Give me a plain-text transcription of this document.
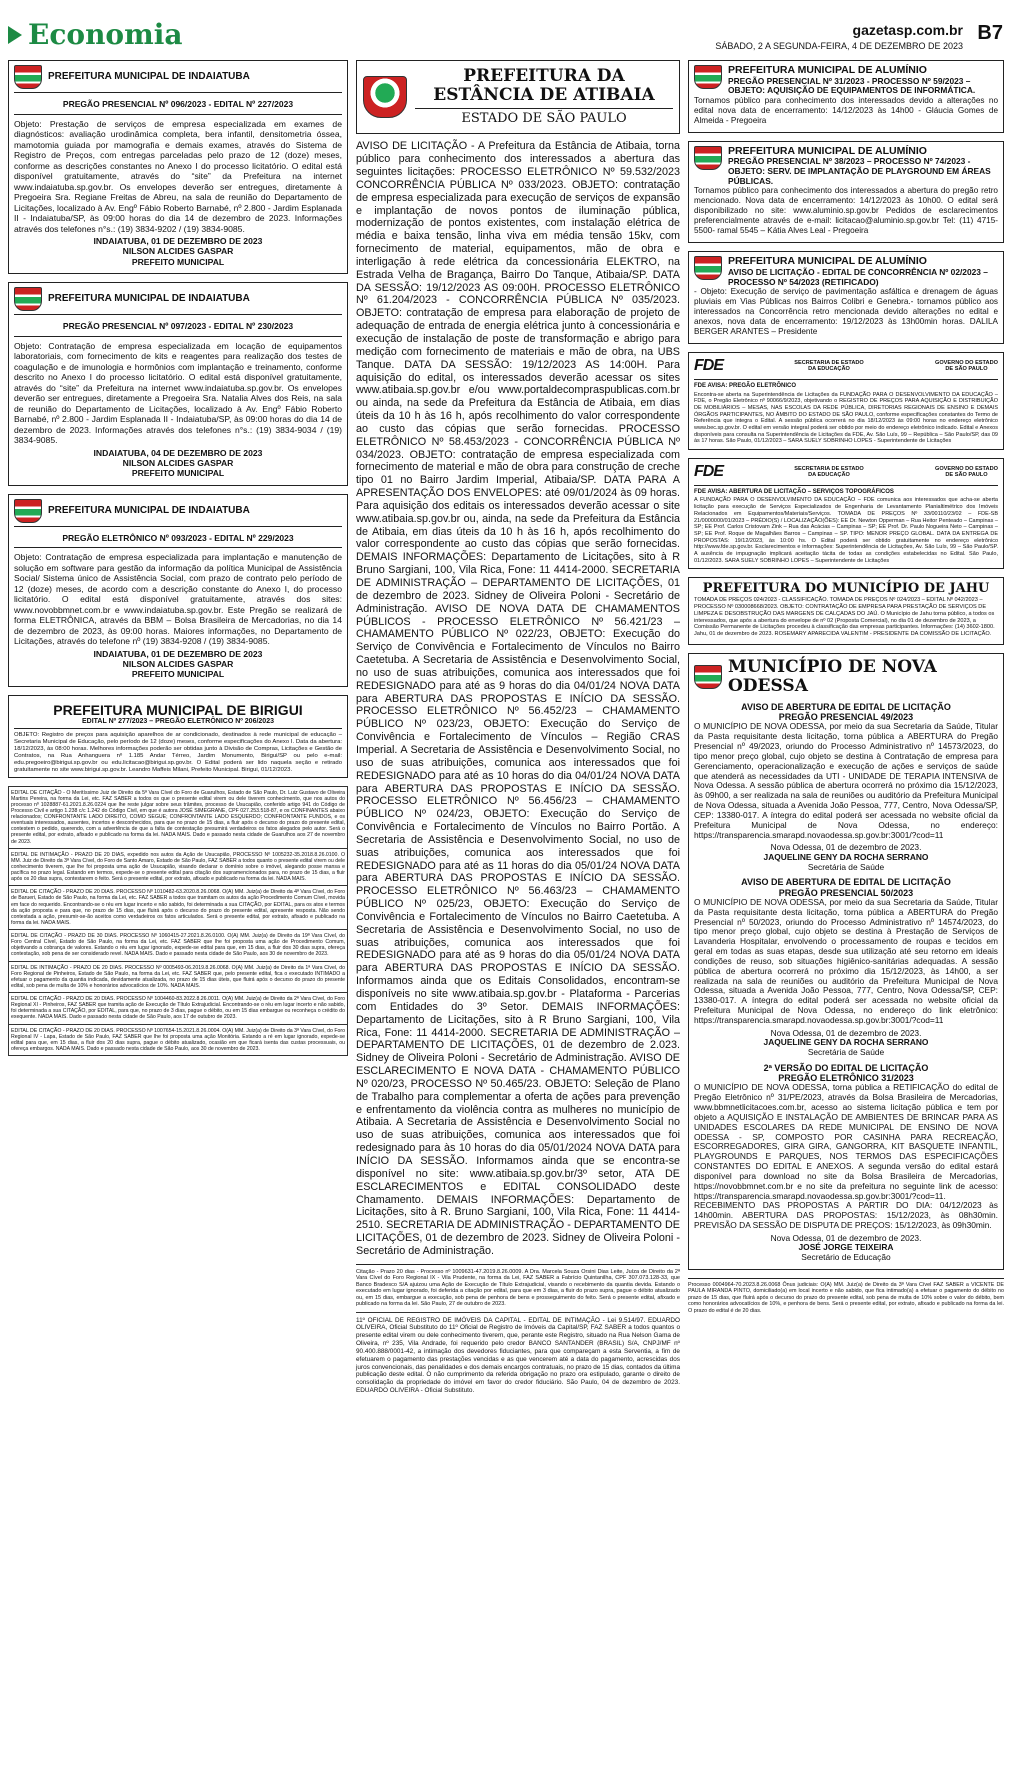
Economia	gazetasp.com.br
SÁBADO, 2 A SEGUNDA-FEIRA, 4 DE DEZEMBRO DE 2023
B7
PREFEITURA MUNICIPAL DE INDAIATUBA
PREGÃO PRESENCIAL Nº 096/2023 - EDITAL Nº 227/2023

Objeto: Prestação de serviços de empresa especializada em exames de diagnósticos: avaliação urodinâmica completa, bera infantil, densitometria óssea, mamotomia guiada por mamografia e demais exames, através do Sistema de Registro de Preços, com entregas parceladas pelo prazo de 12 (doze) meses, conforme as descrições constantes no Anexo I do processo licitatório. O edital está disponível gratuitamente, através do “site” da Prefeitura na internet www.indaiatuba.sp.gov.br. Os envelopes deverão ser entregues, diretamente à Pregoeira Sra. Regiane Freitas de Abreu, na sala de reunião do Departamento de Licitações, localizado à Av. Engº Fábio Roberto Barnabé, nº 2.800 - Jardim Esplanada II - Indaiatuba/SP, às 09:00 horas do dia 14 de dezembro de 2023. Informações através dos telefones n°s.: (19) 3834-9202 / (19) 3834-9085.

INDAIATUBA, 01 DE DEZEMBRO DE 2023
NILSON ALCIDES GASPAR
PREFEITO MUNICIPAL
PREFEITURA MUNICIPAL DE INDAIATUBA
PREGÃO PRESENCIAL Nº 097/2023 - EDITAL Nº 230/2023

Objeto: Contratação de empresa especializada em locação de equipamentos laboratoriais, com fornecimento de kits e reagentes para realização dos testes de coagulação e de imunologia e hormônios com implantação e treinamento, conforme descrito no Anexo I do processo licitatório. O edital está disponível gratuitamente, através do “site” da Prefeitura na internet www.indaiatuba.sp.gov.br. Os envelopes deverão ser entregues, diretamente a Pregoeira Sra. Natalia Alves dos Reis, na sala de reunião do Departamento de Licitações, localizado à Av. Engº Fábio Roberto Barnabé, nº 2.800 - Jardim Esplanada II - Indaiatuba/SP, às 09:00 horas do dia 14 de dezembro de 2023. Informações através dos telefones n°s.: (19) 3834-9034 / (19) 3834-9085.

INDAIATUBA, 04 DE DEZEMBRO DE 2023
NILSON ALCIDES GASPAR
PREFEITO MUNICIPAL
PREFEITURA MUNICIPAL DE INDAIATUBA
PREGÃO ELETRÔNICO Nº 093/2023 - EDITAL Nº 229/2023

Objeto: Contratação de empresa especializada para implantação e manutenção de solução em software para gestão da informação da política Municipal de Assistência Social/ Sistema único de Assistência Social, com prazo de contrato pelo período de 12 (doze) meses, de acordo com a descrição constante do Anexo I, do processo licitatório. O edital está disponível gratuitamente, através dos sites: www.novobbmnet.com.br e www.indaiatuba.sp.gov.br. Este Pregão se realizará de forma ELETRÔNICA, através da BBM – Bolsa Brasileira de Mercadorias, no dia 14 de dezembro de 2023, às 09:00 horas. Maiores informações, no Departamento de Licitações, através do telefone nº (19) 3834-9208 / (19) 3834-9085.

INDAIATUBA, 01 DE DEZEMBRO DE 2023
NILSON ALCIDES GASPAR
PREFEITO MUNICIPAL
PREFEITURA MUNICIPAL DE BIRIGUI
EDITAL Nº 277/2023 – PREGÃO ELETRÔNICO Nº 206/2023

OBJETO: Registro de preços para aquisição aparelhos de ar condicionado, destinados à rede municipal de educação – Secretaria Municipal de Educação, pelo período de 12 (doze) meses, conforme especificações do Anexo I. Data da abertura: 18/12/2023, às 08:00 horas. Melhores informações poderão ser obtidas junto à Divisão de Compras, Licitações e Gestão de Contratos, na Rua Anhanguera nº 1.185 Andar Térreo, Jardim Monumento, Birigui/SP ou pelo e-mail: edu.pregoeiro@birigui.sp.gov.br ou edu.licitacao@birigui.sp.gov.br. O Edital poderá ser lido naquela seção e retirado gratuitamente no site www.birigui.sp.gov.br. Leandro Maffeis Milani, Prefeito Municipal. Birigui, 01/12/2023.

EDITAL DE CITAÇÃO - O Meritíssimo Juiz de Direito da 5ª Vara Cível do Foro de Guarulhos, Estado de São Paulo, Dr. Luiz Gustavo de Oliveira Martins Pereira, na forma da Lei, etc. FAZ SABER a todos os que o presente edital virem ou dele tiverem conhecimento, que nos autos do processo nº 1028887-61.2021.8.26.0224 que lhe reste julgar sobre seus trâmites, processo de Usucapião, conferido artigo 941 do Código de Processo Civil e artigo 1.238 c/c 1.242 do Código Civil, em que é autora JOSÉ SIMEGRANE, CPF 027.253.518-87, e os CONFINANTES abaixo relacionados; CONFRONTANTE LADO DIREITO, COMO SEGUE; CONFRONTANTE LADO ESQUERDO; CONFRONTANTE FUNDOS, e os eventuais interessados, ausentes, incertos e desconhecidos, para que no prazo de 15 dias, a fluir após o decurso do prazo do presente edital, contestem o pedido, querendo, com a advertência de que a falta de contestação presumirá verdadeiros os fatos alegados pelo autor. Será o presente edital, por extrato, afixado e publicado na forma da lei. NADA MAIS. Dado e passado nesta cidade de Guarulhos aos 27 de novembro de 2023.

EDITAL DE INTIMAÇÃO - PRAZO DE 20 DIAS, expedido nos autos da Ação de Usucapião, PROCESSO Nº 1005232-35.2018.8.26.0100. O MM. Juiz de Direito da 3ª Vara Cível, do Foro de Santo Amaro, Estado de São Paulo, FAZ SABER a todos quanto o presente edital virem ou dele conhecimento tiverem, que lhe foi proposta uma ação de Usucapião, visando declarar o domínio sobre o imóvel, alegando posse mansa e pacífica no prazo legal. Estando em termos, expede-se o presente edital para citação dos supramencionados para, no prazo de 15 dias, a fluir após os 20 dias supra, contestarem o feito. Será o presente edital, por extrato, afixado e publicado na forma da lei. NADA MAIS.

EDITAL DE CITAÇÃO - PRAZO DE 20 DIAS. PROCESSO Nº 1010482-63.2020.8.26.0068. O(A) MM. Juiz(a) de Direito da 4ª Vara Cível, do Foro de Barueri, Estado de São Paulo, na forma da Lei, etc. FAZ SABER a todos que tramitam os autos da ação Procedimento Comum Cível, movida em face do requerido. Encontrando-se o réu em lugar incerto e não sabido, foi determinada a sua CITAÇÃO, por EDITAL, para os atos e termos da ação proposta e para que, no prazo de 15 dias, que fluirá após o decurso do prazo do presente edital, apresente resposta. Não sendo contestada a ação, presumir-se-ão aceitos como verdadeiros os fatos articulados. Será o presente edital, por extrato, afixado e publicado na forma da lei. NADA MAIS.

EDITAL DE CITAÇÃO - PRAZO DE 30 DIAS. PROCESSO Nº 1060415-27.2021.8.26.0100. O(A) MM. Juiz(a) de Direito da 19ª Vara Cível, do Foro Central Cível, Estado de São Paulo, na forma da Lei, etc. FAZ SABER que lhe foi proposta uma ação de Procedimento Comum, objetivando a cobrança de valores. Estando o réu em lugar ignorado, expede-se edital para que, em 15 dias, a fluir dos 30 dias supra, ofereça contestação, sob pena de ser considerado revel. NADA MAIS. Dado e passado nesta cidade de São Paulo, aos 30 de novembro de 2023.

EDITAL DE INTIMAÇÃO - PRAZO DE 20 DIAS. PROCESSO Nº 0005493-06.2019.8.26.0068. O(A) MM. Juiz(a) de Direito da 1ª Vara Cível, do Foro Regional de Pinheiros, Estado de São Paulo, na forma da Lei, etc. FAZ SABER que, pelo presente edital, fica o executado INTIMADO a efetuar o pagamento da quantia indicada, devidamente atualizada, no prazo de 15 dias úteis, que fluirá após o decurso do prazo do presente edital, sob pena de multa de 10% e honorários advocatícios de 10%. NADA MAIS.

EDITAL DE CITAÇÃO - PRAZO DE 20 DIAS. PROCESSO Nº 1004460-83.2022.8.26.0011. O(A) MM. Juiz(a) de Direito da 2ª Vara Cível, do Foro Regional XI - Pinheiros, FAZ SABER que tramita ação de Execução de Título Extrajudicial. Encontrando-se o réu em lugar incerto e não sabido, foi determinada a sua CITAÇÃO, por EDITAL, para que, no prazo de 3 dias, pague o débito, ou em 15 dias embargue ou reconheça o crédito do exequente. NADA MAIS. Dado e passado nesta cidade de São Paulo, aos 17 de outubro de 2023.

EDITAL DE CITAÇÃO - PRAZO DE 20 DIAS. PROCESSO Nº 1007654-15.2021.8.26.0004. O(A) MM. Juiz(a) de Direito da 3ª Vara Cível, do Foro Regional IV - Lapa, Estado de São Paulo, FAZ SABER que lhe foi proposta uma ação Monitória. Estando a ré em lugar ignorado, expede-se edital para que, em 15 dias, a fluir dos 20 dias supra, pague o débito atualizado, ocasião em que ficará isenta das custas processuais, ou ofereça embargos. NADA MAIS. Dado e passado nesta cidade de São Paulo, aos 30 de novembro de 2023.

PREFEITURA DA ESTÂNCIA DE ATIBAIA
ESTADO DE SÃO PAULO

AVISO DE LICITAÇÃO - A Prefeitura da Estância de Atibaia, torna público para conhecimento dos interessados a abertura das seguintes licitações: PROCESSO ELETRÔNICO Nº 59.532/2023 CONCORRÊNCIA PÚBLICA Nº 033/2023. OBJETO: contratação de empresa especializada para execução de serviços de expansão e implantação de novos pontos de iluminação pública, modernização de pontos existentes, com instalação elétrica de média e baixa tensão, linha viva em média tensão 15kv, com fornecimento de material, equipamentos, mão de obra e interligação à rede elétrica da concessionária ELEKTRO, na Estrada Velha de Bragança, Bairro Do Tanque, Atibaia/SP. DATA DA SESSÃO: 19/12/2023 AS 09:00H. PROCESSO ELETRÔNICO Nº 61.204/2023 - CONCORRÊNCIA PÚBLICA Nº 035/2023. OBJETO: contratação de empresa para elaboração de projeto de adequação de entrada de energia elétrica junto à concessionária e execução de instalação de poste de transformação e abrigo para medição com fornecimento de materiais e mão de obra, na UBS Tanque. DATA DA SESSÃO: 19/12/2023 AS 14:00H. Para aquisição do edital, os interessados deverão acessar os sites www.atibaia.sp.gov.br e/ou www.portaldecompraspublicas.com.br ou ainda, na sede da Prefeitura da Estância de Atibaia, em dias úteis da 10 h às 16 h, após recolhimento do valor correspondente ao custo das cópias que serão fornecidas. PROCESSO ELETRÔNICO Nº 58.453/2023 - CONCORRÊNCIA PÚBLICA Nº 034/2023. OBJETO: contratação de empresa especializada com fornecimento de material e mão de obra para construção de creche tipo 01 no Bairro Jardim Imperial, Atibaia/SP. DATA PARA A APRESENTAÇÃO DOS ENVELOPES: até 09/01/2024 às 09 horas. Para aquisição dos editais os interessados deverão acessar o site www.atibaia.sp.gov.br ou, ainda, na sede da Prefeitura da Estância de Atibaia, em dias úteis da 10 h às 16 h, após recolhimento do valor correspondente ao custo das cópias que serão fornecidas. DEMAIS INFORMAÇÕES: Departamento de Licitações, sito à R Bruno Sargiani, 100, Vila Rica, Fone: 11 4414-2000. SECRETARIA DE ADMINISTRAÇÃO – DEPARTAMENTO DE LICITAÇÕES, 01 de dezembro de 2023. Sidney de Oliveira Poloni - Secretário de Administração. AVISO DE NOVA DATA DE CHAMAMENTOS PÚBLICOS - PROCESSO ELETRÔNICO Nº 56.421/23 – CHAMAMENTO PÚBLICO Nº 022/23, OBJETO: Execução do Serviço de Convivência e Fortalecimento de Vínculos no Bairro Caetetuba. A Secretaria de Assistência e Desenvolvimento Social, no uso de suas atribuições, comunica aos interessados que foi REDESIGNADO para até as 9 horas do dia 04/01/24 NOVA DATA para ABERTURA DAS PROPOSTAS E INÍCIO DA SESSÃO. PROCESSO ELETRÔNICO Nº 56.452/23 – CHAMAMENTO PÚBLICO Nº 023/23, OBJETO: Execução do Serviço de Convivência e Fortalecimento de Vínculos – Região CRAS Imperial. A Secretaria de Assistência e Desenvolvimento Social, no uso de suas atribuições, comunica aos interessados que foi REDESIGNADO para até as 10 horas do dia 04/01/24 NOVA DATA para ABERTURA DAS PROPOSTAS E INÍCIO DA SESSÃO. PROCESSO ELETRÔNICO Nº 56.456/23 – CHAMAMENTO PÚBLICO Nº 024/23, OBJETO: Execução do Serviço de Convivência e Fortalecimento de Vínculos no Bairro Portão. A Secretaria de Assistência e Desenvolvimento Social, no uso de suas atribuições, comunica aos interessados que foi REDESIGNADO para até as 11 horas do dia 05/01/24 NOVA DATA para ABERTURA DAS PROPOSTAS E INÍCIO DA SESSÃO. PROCESSO ELETRÔNICO Nº 56.463/23 – CHAMAMENTO PÚBLICO Nº 025/23, OBJETO: Execução do Serviço de Convivência e Fortalecimento de Vínculos no Bairro Caetetuba. A Secretaria de Assistência e Desenvolvimento Social, no uso de suas atribuições, comunica aos interessados que foi REDESIGNADO para até as 9 horas do dia 05/01/24 NOVA DATA para ABERTURA DAS PROPOSTAS E INÍCIO DA SESSÃO. Informamos ainda que os Editais Consolidados, encontram-se disponíveis no site www.atibaia.sp.gov.br - Plataforma - Parcerias com Entidades do 3º Setor. DEMAIS INFORMAÇÕES: Departamento de Licitações, sito à R Bruno Sargiani, 100, Vila Rica, Fone: 11 4414-2000. SECRETARIA DE ADMINISTRAÇÃO – DEPARTAMENTO DE LICITAÇÕES, 01 de dezembro de 2.023. Sidney de Oliveira Poloni - Secretário de Administração. AVISO DE ESCLARECIMENTO E NOVA DATA - CHAMAMENTO PÚBLICO Nº 020/23, PROCESSO Nº 50.465/23. OBJETO: Seleção de Plano de Trabalho para complementar a oferta de ações para prevenção e enfrentamento da violência contra as mulheres no município de Atibaia. A Secretaria de Assistência e Desenvolvimento Social no uso de suas atribuições, comunica aos interessados que foi redesignado para às 10 horas do dia 05/01/2024 NOVA DATA para INÍCIO DA SESSÃO. Informamos ainda que se encontra-se disponível no site: www.atibaia.sp.gov.br/3º setor, ATA DE ESCLARECIMENTOS e EDITAL CONSOLIDADO deste Chamamento. DEMAIS INFORMAÇÕES: Departamento de Licitações, sito à R. Bruno Sargiani, 100, Vila Rica, Fone: 11 4414-2510. SECRETARIA DE ADMINISTRAÇÃO - DEPARTAMENTO DE LICITAÇÕES, 01 de dezembro de 2023. Sidney de Oliveira Poloni - Secretário de Administração.

Citação - Prazo 20 dias - Processo nº 1009631-47.2019.8.26.0009. A Dra. Marcela Souza Orsini Dias Leite, Juíza de Direito da 2ª Vara Cível do Foro Regional IX - Vila Prudente, na forma da Lei, FAZ SABER a Fabrício Quintanilha, CPF 307.073.128-33, que Banco Bradesco S/A ajuizou uma Ação de Execução de Título Extrajudicial, visando o recebimento da quantia devida. Estando o executado em lugar ignorado, foi deferida a citação por edital, para que em 3 dias, a fluir do prazo supra, pague o débito atualizado ou, em 15 dias, embargue a execução, sob pena de penhora de bens e prosseguimento do feito. Será o presente edital, afixado e publicado na forma da lei. São Paulo, 27 de outubro de 2023.

11º OFICIAL DE REGISTRO DE IMÓVEIS DA CAPITAL - EDITAL DE INTIMAÇÃO - Lei 9.514/97. EDUARDO OLIVEIRA, Oficial Substituto do 11º Oficial de Registro de Imóveis da Capital/SP, FAZ SABER a todos quantos o presente edital virem ou dele conhecimento tiverem, que, perante este Registro, situado na Rua Nelson Gama de Oliveira, nº 235, Vila Andrade, foi requerido pelo credor BANCO SANTANDER (BRASIL) S/A, CNPJ/MF nº 90.400.888/0001-42, a intimação dos devedores fiduciantes, para que compareçam a esta Serventia, a fim de efetuarem o pagamento das prestações vencidas e as que vencerem até a data do pagamento, acrescidas dos juros convencionais, das penalidades e dos demais encargos contratuais, no prazo de 15 dias, contados da última publicação deste edital. O não cumprimento da referida obrigação no prazo ora estipulado, garante o direito de consolidação da propriedade do imóvel em favor do credor fiduciário. São Paulo, 04 de dezembro de 2023. EDUARDO OLIVEIRA - Oficial Substituto.

PREFEITURA MUNICIPAL DE ALUMÍNIO
PREGÃO PRESENCIAL Nº 31/2023 - PROCESSO Nº 59/2023 – OBJETO: AQUISIÇÃO DE EQUIPAMENTOS DE INFORMÁTICA.

Tornamos público para conhecimento dos interessados devido a alterações no edital nova data de encerramento: 14/12/2023 às 14h00 - Gláucia Gomes de Almeida - Pregoeira

PREFEITURA MUNICIPAL DE ALUMÍNIO
PREGÃO PRESENCIAL Nº 38/2023 – PROCESSO Nº 74/2023 - OBJETO: SERV. DE IMPLANTAÇÃO DE PLAYGROUND EM ÁREAS PÚBLICAS.

Tornamos público para conhecimento dos interessados a abertura do pregão retro mencionado. Nova data de encerramento: 14/12/2023 às 10h00. O edital será disponibilizado no site: www.aluminio.sp.gov.br Pedidos de esclarecimentos preferencialmente através de e-mail: licitacao@aluminio.sp.gov.br Tel: (11) 4715-5500- ramal 5545 – Kátia Alves Leal - Pregoeira

PREFEITURA MUNICIPAL DE ALUMÍNIO
AVISO DE LICITAÇÃO - EDITAL DE CONCORRÊNCIA Nº 02/2023 – PROCESSO Nº 54/2023 (RETIFICADO)

- Objeto: Execução de serviço de pavimentação asfáltica e drenagem de águas pluviais em Vias Públicas nos Bairros Colibri e Genebra.- tornamos público aos interessados na Concorrência retro mencionada devido alterações no edital e anexos, nova data de encerramento: 19/12/2023 às 13h00min horas. DALILA BERGER ARANTES – Presidente

FDE	SECRETARIA DE ESTADO
DA EDUCAÇÃO
GOVERNO DO ESTADO
DE SÃO PAULO
FDE AVISA: PREGÃO ELETRÔNICO

Encontra-se aberta na Superintendência de Licitações da FUNDAÇÃO PARA O DESENVOLVIMENTO DA EDUCAÇÃO – FDE, o Pregão Eletrônico nº 90066/9/2023, objetivando o REGISTRO DE PREÇOS PARA AQUISIÇÃO E DISTRIBUIÇÃO DE MOBILIÁRIOS – MESAS, NAS ESCOLAS DA REDE PÚBLICA, DIRETORIAS REGIONAIS DE ENSINO E DEMAIS ÓRGÃOS PARTICIPANTES, NO ÂMBITO DO ESTADO DE SÃO PAULO, conforme especificações constantes do Termo de Referência que integra o Edital. A sessão pública ocorrerá no dia 18/12/2023 às 09:00 horas no endereço eletrônico www.bec.sp.gov.br. O edital em versão integral poderá ser obtido por meio do endereço eletrônico indicado. Edital e Anexos disponíveis para consulta na Superintendência de Licitações da FDE, Av. São Luís, 99 – República – São Paulo/SP, das 09 às 17 horas. São Paulo, 01/12/2023 – SARA SUELY SOBRINHO LOPES - Superintendente de Licitações

FDE	SECRETARIA DE ESTADO
DA EDUCAÇÃO
GOVERNO DO ESTADO
DE SÃO PAULO
FDE AVISA: ABERTURA DE LICITAÇÃO – SERVIÇOS TOPOGRÁFICOS

A FUNDAÇÃO PARA O DESENVOLVIMENTO DA EDUCAÇÃO – FDE comunica aos interessados que acha-se aberta licitação para execução de Serviços Especializados de Engenharia de Levantamento Planialtimétrico dos Imóveis Relacionados em Equipamentos/Materiais/Serviços. TOMADA DE PREÇOS Nº 33/00110/23/02 – FDE-SB 21/0000000/01/2023 – PRÉDIO(S) / LOCALIZAÇÃO(ÕES): EE Dr. Newton Opperman – Rua Heitor Penteado – Campinas – SP; EE Prof. Carlos Cristovam Zink – Rua das Acácias – Campinas – SP; EE Prof. Dr. Paulo Nogueira Neto – Campinas – SP; EE Prof. Roque de Magalhães Barros – Campinas – SP. TIPO: MENOR PREÇO GLOBAL. DATA DA ENTREGA DE PROPOSTAS: 19/12/2023, às 10:00 hs. O Edital poderá ser obtido gratuitamente no endereço eletrônico http://www.fde.sp.gov.br. Esclarecimentos e informações: Superintendência de Licitações, Av. São Luís, 99 – São Paulo/SP. A ausência de impugnação implicará aceitação tácita de todas as condições estabelecidas no Edital. São Paulo, 01/12/2023. SARA SUELY SOBRINHO LOPES – Superintendente de Licitações

PREFEITURA DO MUNICÍPIO DE JAHU

TOMADA DE PREÇOS 024/2023 - CLASSIFICAÇÃO. TOMADA DE PREÇOS Nº 024/2023 – EDITAL Nº 042/2023 – PROCESSO Nº 030008668/2023. OBJETO: CONTRATAÇÃO DE EMPRESA PARA PRESTAÇÃO DE SERVIÇOS DE LIMPEZA E DESOBSTRUÇÃO DAS MARGENS DE CALÇADAS DO JAÚ. O Município de Jahu torna público, a todos os interessados, que após a abertura do envelope de nº 02 (Proposta Comercial), no dia 01 de dezembro de 2023, a Comissão Permanente de Licitações procedeu à classificação das empresas participantes. Informações: (14) 3602-1800. Jahu, 01 de dezembro de 2023. ROSEMARY APARECIDA VALENTIM - PRESIDENTE DA COMISSÃO DE LICITAÇÃO.

MUNICÍPIO DE NOVA ODESSA
AVISO DE ABERTURA DE EDITAL DE LICITAÇÃO
PREGÃO PRESENCIAL 49/2023

O MUNICÍPIO DE NOVA ODESSA, por meio da sua Secretaria da Saúde, Titular da Pasta requisitante desta licitação, torna pública a ABERTURA do Pregão Presencial nº 49/2023, oriundo do Processo Administrativo nº 14573/2023, do tipo menor preço global, cujo objeto se destina à Contratação de empresa para Gerenciamento, operacionalização e execução de ações e serviços de saúde que atenderá as necessidades da UTI - UNIDADE DE TERAPIA INTENSIVA de Nova Odessa. A sessão pública de abertura ocorrerá no próximo dia 15/12/2023, às 09h00, a ser realizada na sala de reuniões ou auditório da Prefeitura Municipal de Nova Odessa, situada a Avenida João Pessoa, 777, Centro, Nova Odessa/SP, CEP: 13380-017. A íntegra do edital poderá ser acessada no website oficial da Prefeitura Municipal de Nova Odessa, no endereço: https://transparencia.smarapd.novaodessa.sp.gov.br:3001/?cod=11

Nova Odessa, 01 de dezembro de 2023.
JAQUELINE GENY DA ROCHA SERRANO
Secretária de Saúde
AVISO DE ABERTURA DE EDITAL DE LICITAÇÃO
PREGÃO PRESENCIAL 50/2023

O MUNICÍPIO DE NOVA ODESSA, por meio da sua Secretaria da Saúde, Titular da Pasta requisitante desta licitação, torna pública a ABERTURA do Pregão Presencial nº 50/2023, oriundo do Processo Administrativo nº 14574/2023, do tipo menor preço global, cujo objeto se destina à Prestação de Serviços de Lavanderia Hospitalar, envolvendo o processamento de roupas e tecidos em geral em todas as suas etapas, desde sua utilização até seu retorno em ideais condições de reuso, sob situações higiênico-sanitárias adequadas. A sessão pública de abertura ocorrerá no próximo dia 15/12/2023, às 14h00, a ser realizada na sala de reuniões ou auditório da Prefeitura Municipal de Nova Odessa, situada a Avenida João Pessoa, 777, Centro, Nova Odessa/SP, CEP: 13380-017. A íntegra do edital poderá ser acessada no website oficial da Prefeitura Municipal de Nova Odessa, no endereço do link eletrônico: https://transparencia.smarapd.novaodessa.sp.gov.br:3001/?cod=11

Nova Odessa, 01 de dezembro de 2023.
JAQUELINE GENY DA ROCHA SERRANO
Secretária de Saúde
2ª VERSÃO DO EDITAL DE LICITAÇÃO
PREGÃO ELETRÔNICO 31/2023

O MUNICÍPIO DE NOVA ODESSA, torna pública a RETIFICAÇÃO do edital de Pregão Eletrônico nº 31/PE/2023, através da Bolsa Brasileira de Mercadorias, www.bbmnetlicitacoes.com.br, acesso ao sistema licitação pública e tem por objeto a AQUISIÇÃO E INSTALAÇÃO DE AMBIENTES DE BRINCAR PARA AS UNIDADES ESCOLARES DA REDE MUNICIPAL DE ENSINO DE NOVA ODESSA - SP, COMPOSTO POR CASINHA PARA RECREAÇÃO, ESCORREGADORES, GIRA GIRA, GANGORRA, KIT BASQUETE INFANTIL, PLAYGROUNDS E PARQUES, NOS TERMOS DAS ESPECIFICAÇÕES CONSTANTES DO EDITAL E ANEXOS. A segunda versão do edital estará disponível para download no site da Bolsa Brasileira de Mercadorias, https://novobbmnet.com.br e no site da prefeitura no seguinte link de acesso: https://transparencia.smarapd.novaodessa.sp.gov.br:3001/?cod=11. RECEBIMENTO DAS PROPOSTAS A PARTIR DO DIA: 04/12/2023 às 14h00min. ABERTURA DAS PROPOSTAS: 15/12/2023, às 08h30min. PREVISÃO DA SESSÃO DE DISPUTA DE PREÇOS: 15/12/2023, às 09h30min.

Nova Odessa, 01 de dezembro de 2023.
JOSÉ JORGE TEIXEIRA
Secretário de Educação

Processo 0004964-70.2023.8.26.0068 Ônus judiciais: O(A) MM. Juiz(a) de Direito da 3ª Vara Cível FAZ SABER a VICENTE DE PAULA MIRANDA PINTO, domiciliado(a) em local incerto e não sabido, que fica intimado(a) a efetuar o pagamento do débito no prazo de 15 dias, que fluirá após o decurso do prazo do presente edital, sob pena de multa de 10% sobre o valor do débito, bem como honorários advocatícios de 10%, e penhora de bens. Será o presente edital, por extrato, afixado e publicado na forma da lei. O prazo do edital é de 20 dias.
